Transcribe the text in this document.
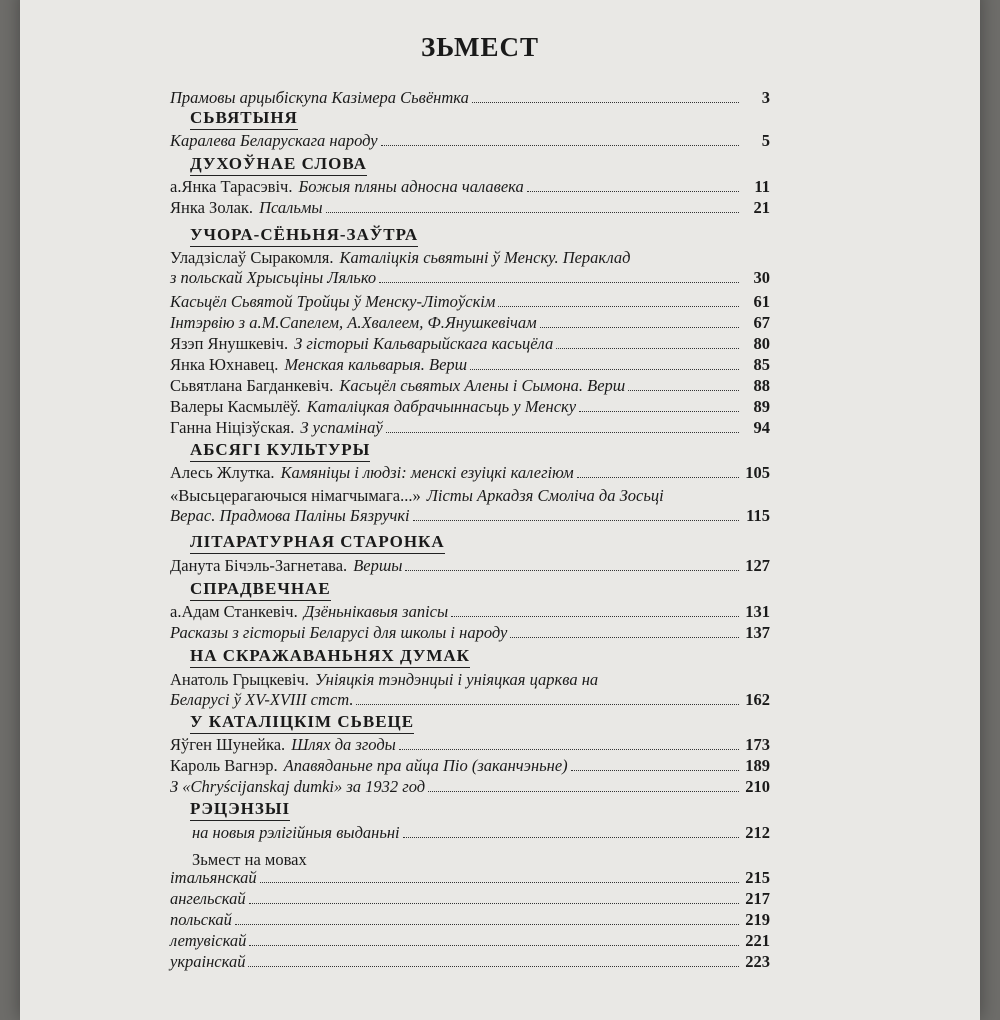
ЗЬМЕСТ
Прамовы арцыбіскупа Казімера Сьвёнтка	3
СЬВЯТЫНЯ
Каралева Беларускага народу	5
ДУХОЎНАЕ СЛОВА
а.Янка Тарасэвіч. Божыя пляны адносна чалавека	11
Янка Золак. Псальмы	21
УЧОРА-СЁНЬНЯ-ЗАЎТРА
Уладзіслаў Сыракомля. Каталіцкія сьвятыні ў Менску. Пераклад
з польскай Хрысьціны Лялько	30
Касьцёл Сьвятой Тройцы ў Менску-Літоўскім	61
Інтэрвію з а.М.Сапелем, А.Хвалеем, Ф.Янушкевічам	67
Язэп Янушкевіч. З гісторыі Кальварыйскага касьцёла	80
Янка Юхнавец. Менская кальварыя. Верш	85
Сьвятлана Багданкевіч. Касьцёл сьвятых Алены і Сымона. Верш	88
Валеры Касмылёў. Каталіцкая дабрачыннасьць у Менску	89
Ганна Ніцізўская. З успамінаў	94
АБСЯГІ КУЛЬТУРЫ
Алесь Жлутка. Камяніцы і людзі: менскі езуіцкі калегіюм	105
«Высьцерагаючыся німагчымага...» Лісты Аркадзя Смоліча да Зосьці
Верас. Прадмова Паліны Бязручкі	115
ЛІТАРАТУРНАЯ СТАРОНКА
Данута Бічэль-Загнетава. Вершы	127
СПРАДВЕЧНАЕ
а.Адам Станкевіч. Дзёньнікавыя запісы	131
Расказы з гісторыі Беларусі для школы і народу	137
НА СКРАЖАВАНЬНЯХ ДУМАК
Анатоль Грыцкевіч. Уніяцкія тэндэнцыі і уніяцкая царква на
Беларусі ў XV-XVIII стст.	162
У КАТАЛІЦКІМ СЬВЕЦЕ
Яўген Шунейка. Шлях да згоды	173
Кароль Вагнэр. Апавяданьне пра айца Піо (заканчэньне)	189
З «Chryścijanskaj dumki» за 1932 год	210
РЭЦЭНЗЫІ
на новыя рэлігійныя выданьні	212
Зьмест на мовах
італьянскай	215
ангельскай	217
польскай	219
летувіскай	221
украінскай	223
